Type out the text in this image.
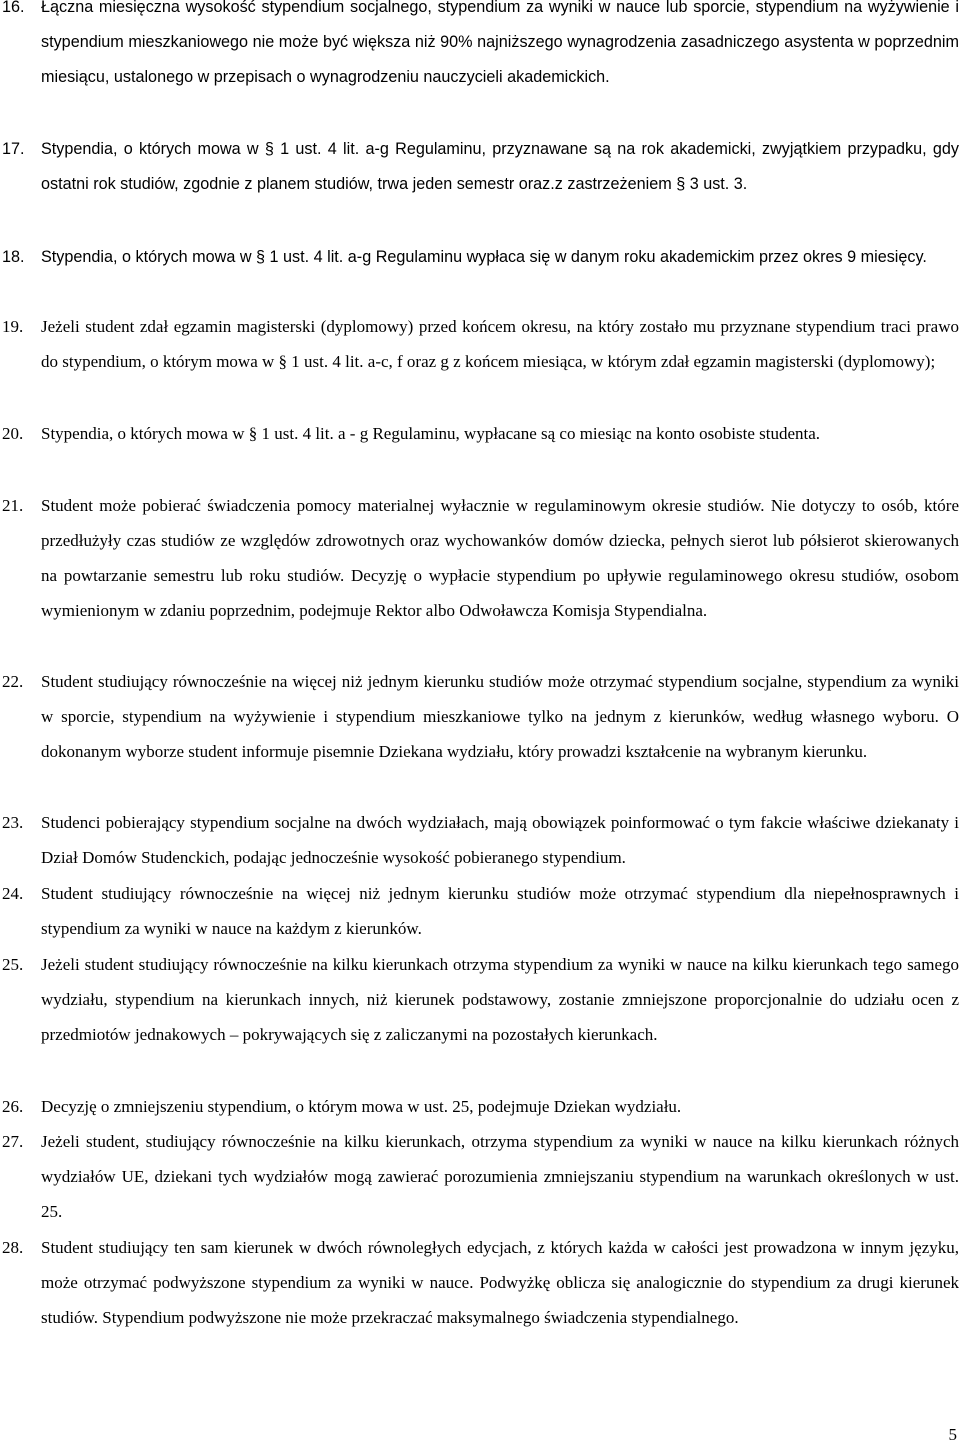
16. Łączna miesięczna wysokość stypendium socjalnego, stypendium za wyniki w nauce lub sporcie, stypendium na wyżywienie i stypendium mieszkaniowego nie może być większa niż 90% najniższego wynagrodzenia zasadniczego asystenta w poprzednim miesiącu, ustalonego w przepisach o wynagrodzeniu nauczycieli akademickich.
17. Stypendia, o których mowa w § 1 ust. 4 lit. a-g Regulaminu, przyznawane są na rok akademicki, zwyjątkiem przypadku, gdy ostatni rok studiów, zgodnie z planem studiów, trwa jeden semestr oraz.z zastrzeżeniem § 3 ust. 3.
18. Stypendia, o których mowa w § 1 ust. 4 lit. a-g Regulaminu wypłaca się w danym roku akademickim przez okres 9 miesięcy.
19. Jeżeli student zdał egzamin magisterski (dyplomowy) przed końcem okresu, na który zostało mu przyznane stypendium traci prawo do stypendium, o którym mowa w § 1 ust. 4 lit. a-c, f oraz g z końcem miesiąca, w którym zdał egzamin magisterski (dyplomowy);
20. Stypendia, o których mowa w § 1 ust. 4 lit. a - g Regulaminu, wypłacane są co miesiąc na konto osobiste studenta.
21. Student może pobierać świadczenia pomocy materialnej wyłacznie w regulaminowym okresie studiów. Nie dotyczy to osób, które przedłużyły czas studiów ze względów zdrowotnych oraz wychowanków domów dziecka, pełnych sierot lub półsierot skierowanych na powtarzanie semestru lub roku studiów. Decyzję o wypłacie stypendium po upływie regulaminowego okresu studiów, osobom wymienionym w zdaniu poprzednim, podejmuje Rektor albo Odwoławcza Komisja Stypendialna.
22. Student studiujący równocześnie na więcej niż jednym kierunku studiów może otrzymać stypendium socjalne, stypendium za wyniki w sporcie, stypendium na wyżywienie i stypendium mieszkaniowe tylko na jednym z kierunków, według własnego wyboru. O dokonanym wyborze student informuje pisemnie Dziekana wydziału, który prowadzi kształcenie na wybranym kierunku.
23. Studenci pobierający stypendium socjalne na dwóch wydziałach, mają obowiązek poinformować o tym fakcie właściwe dziekanaty i Dział Domów Studenckich, podając jednocześnie wysokość pobieranego stypendium.
24. Student studiujący równocześnie na więcej niż jednym kierunku studiów może otrzymać stypendium dla niepełnosprawnych i stypendium za wyniki w nauce na każdym z kierunków.
25. Jeżeli student studiujący równocześnie na kilku kierunkach otrzyma stypendium za wyniki w nauce na kilku kierunkach tego samego wydziału, stypendium na kierunkach innych, niż kierunek podstawowy, zostanie zmniejszone proporcjonalnie do udziału ocen z przedmiotów jednakowych – pokrywających się z zaliczanymi na pozostałych kierunkach.
26. Decyzję o zmniejszeniu stypendium, o którym mowa w ust. 25, podejmuje Dziekan wydziału.
27. Jeżeli student, studiujący równocześnie na kilku kierunkach, otrzyma stypendium za wyniki w nauce na kilku kierunkach różnych wydziałów UE, dziekani tych wydziałów mogą zawierać porozumienia zmniejszaniu stypendium na warunkach określonych w ust. 25.
28. Student studiujący ten sam kierunek w dwóch równoległych edycjach, z których każda w całości jest prowadzona w innym języku, może otrzymać podwyższone stypendium za wyniki w nauce. Podwyżkę oblicza się analogicznie do stypendium za drugi kierunek studiów. Stypendium podwyższone nie może przekraczać maksymalnego świadczenia stypendialnego.
5
